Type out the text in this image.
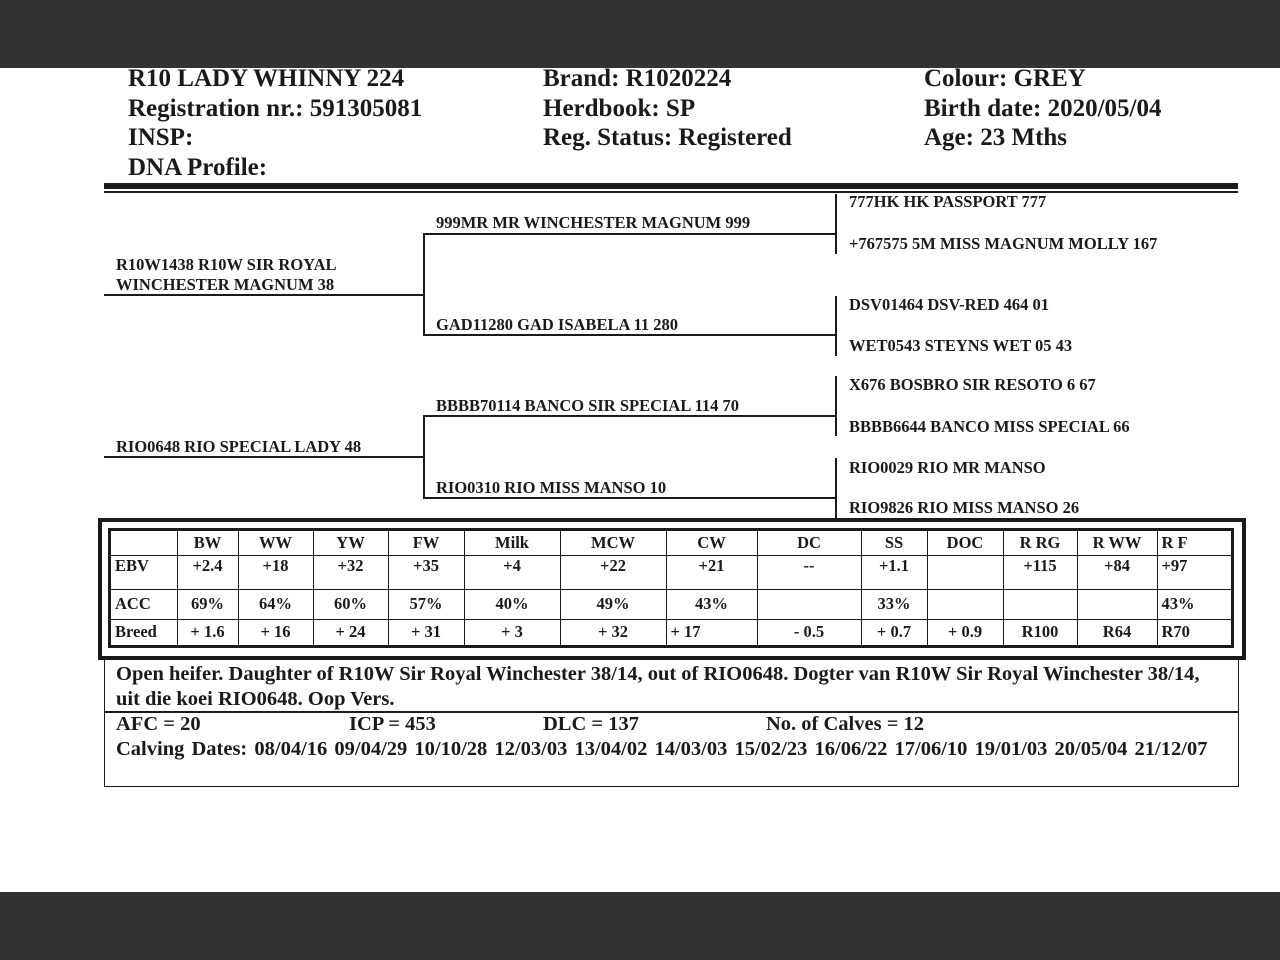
R10 LADY WHINNY 224
Registration nr.: 591305081
INSP:
DNA Profile:
Brand: R1020224
Herdbook: SP
Reg. Status: Registered
Colour: GREY
Birth date: 2020/05/04
Age: 23 Mths
R10W1438 R10W SIR ROYAL
WINCHESTER MAGNUM 38
RIO0648 RIO SPECIAL LADY 48
999MR MR WINCHESTER MAGNUM 999
GAD11280 GAD ISABELA 11 280
BBBB70114 BANCO SIR SPECIAL 114 70
RIO0310 RIO MISS MANSO 10
777HK HK PASSPORT 777
+767575 5M MISS MAGNUM MOLLY 167
DSV01464 DSV-RED 464 01
WET0543 STEYNS WET 05 43
X676 BOSBRO SIR RESOTO 6 67
BBBB6644 BANCO MISS SPECIAL 66
RIO0029 RIO MR MANSO
RIO9826 RIO MISS MANSO 26
	BW	WW	YW	FW	Milk	MCW	CW	DC	SS	DOC	R RG	R WW	R F
EBV	+2.4	+18	+32	+35	+4	+22	+21	--	+1.1		+115	+84	+97
ACC	69%	64%	60%	57%	40%	49%	43%		33%				43%
Breed	+ 1.6	+ 16	+ 24	+ 31	+ 3	+ 32	+ 17	- 0.5	+ 0.7	+ 0.9	R100	R64	R70
Open heifer. Daughter of R10W Sir Royal Winchester 38/14, out of RIO0648. Dogter van R10W Sir Royal Winchester 38/14, uit die koei RIO0648. Oop Vers.
AFC = 20	ICP = 453	DLC = 137	No. of Calves = 12
Calving Dates: 08/04/16 09/04/29 10/10/28 12/03/03 13/04/02 14/03/03 15/02/23 16/06/22 17/06/10 19/01/03 20/05/04 21/12/07
